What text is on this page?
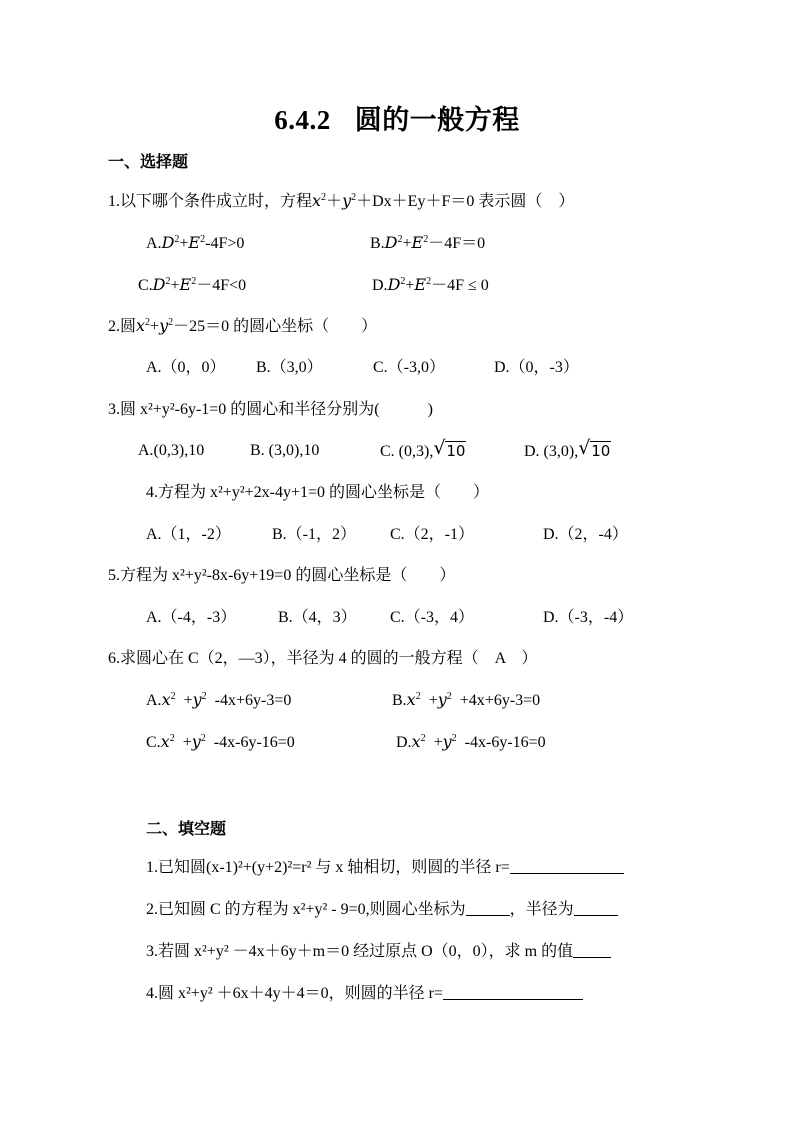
6.4.2 圆的一般方程
一、选择题
1.以下哪个条件成立时，方程$x^2+y^2+Dx+Ey+F=0$ 表示圆（　）
$A.D^2+E^2-4F>0$	$B.D^2+E^2-4F=0$
$C.D^2+E^2-4F<0$	$D.D^2+E^2-4F \le 0$
2.圆$x^2+y^2-25=0$ 的圆心坐标（　　）
A.（0，0） B.（3,0）	C.（-3,0）	D.（0，-3）
3.圆 x²+y²-6y-1=0 的圆心和半径分别为(　　　)
A.(0,3),10	B. (3,0),10	C. (0,3), √ 10	D. (3,0), √ 10
4.方程为 x²+y²+2x-4y+1=0 的圆心坐标是（　　）
A.（1，-2）	B.（-1，2） C.（2，-1）	D.（2，-4）
5.方程为 x²+y²-8x-6y+19=0 的圆心坐标是（　　）
A.（-4，-3）	B.（4，3） C.（-3，4）	D.（-3，-4）
6.求圆心在 C（2，—3），半径为 4 的圆的一般方程（　A　）
$A.x^2 +y^2$ -4x+6y-3=0	$B.x^2 +y^2 +4x+6y-3=0$
$C.x^2 +y^2$ -4x-6y-16=0	$D.x^2 +y^2$ -4x-6y-16=0
二、填空题
1.已知圆(x-1)²+(y+2)²=r² 与 x 轴相切，则圆的半径 r=
2.已知圆 C 的方程为 x²+y² - 9=0,则圆心坐标为	，半径为
3.若圆 x²+y² －4x＋6y＋m＝0 经过原点 O（0，0），求 m 的值
4.圆 x²+y² ＋6x＋4y＋4＝0，则圆的半径 r=
